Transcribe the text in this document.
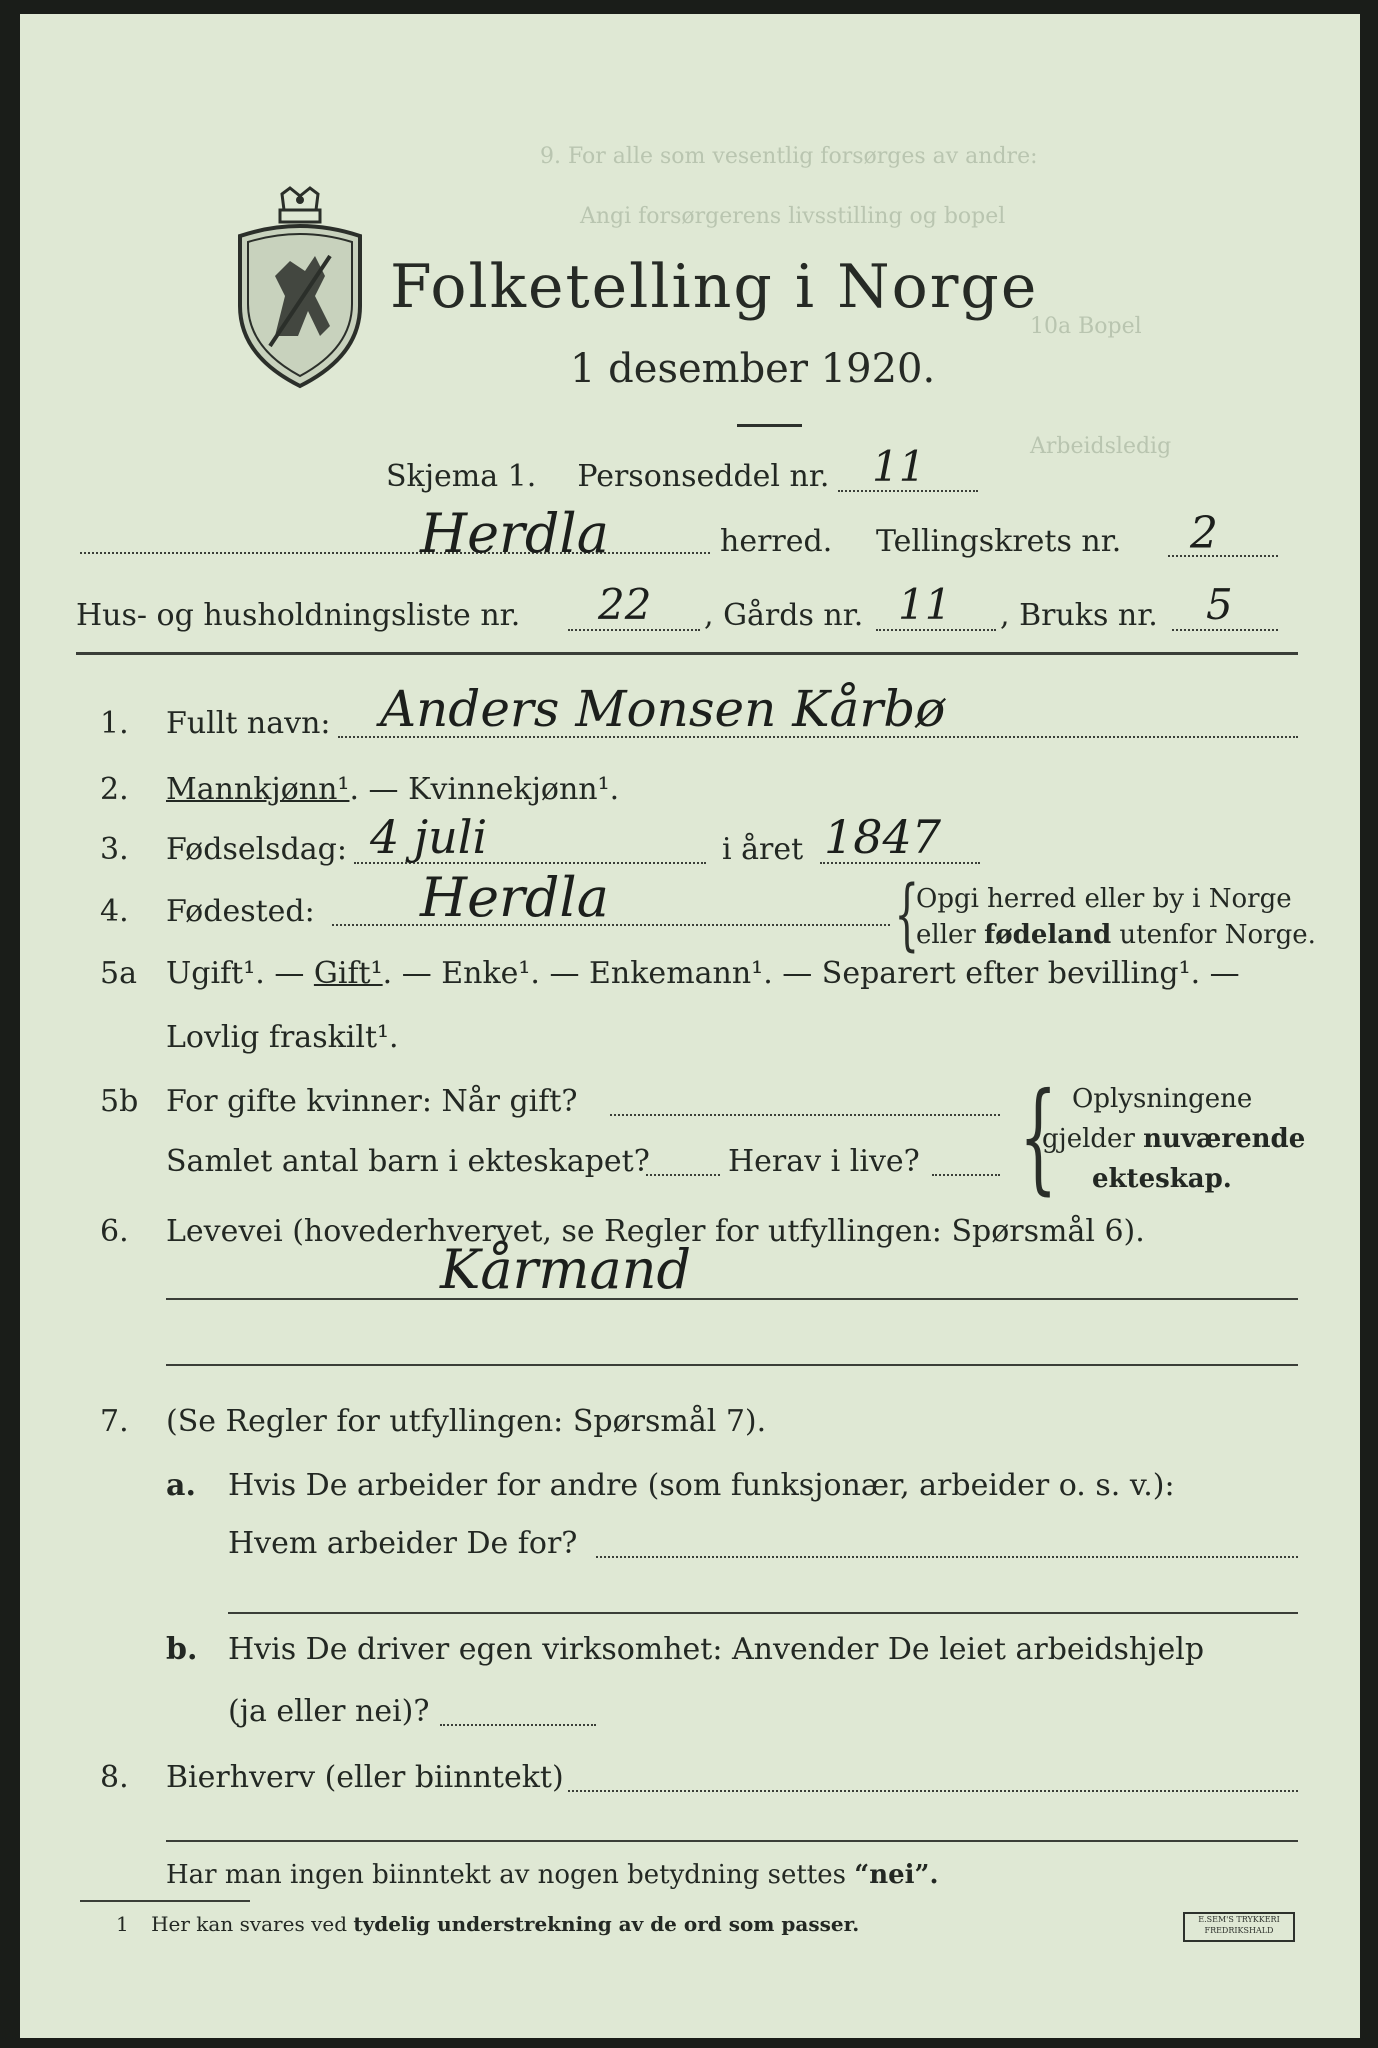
9. For alle som vesentlig forsørges av andre:
Angi forsørgerens livsstilling og bopel
10a Bopel
Arbeidsledig
Folketelling i Norge
1 desember 1920.
Skjema 1. Personseddel nr. 11
Herdla	herred. Tellingskrets nr. 2
Hus- og husholdningsliste nr. 22 , Gårds nr. 11 , Bruks nr. 5
1. Fullt navn: Anders Monsen Kårbø
2. Mannkjønn¹. — Kvinnekjønn¹.
3. Fødselsdag: 4 juli	i året 1847
4. Fødested: Herdla	{
Opgi herred eller by i Norge
eller fødeland utenfor Norge.
5a Ugift¹. — Gift¹. — Enke¹. — Enkemann¹. — Separert efter bevilling¹. —
Lovlig fraskilt¹.
5b For gifte kvinner: Når gift?
Samlet antal barn i ekteskapet?	Herav i live? { Oplysningene
gjelder nuværende
ekteskap.
6. Levevei (hovederhvervet, se Regler for utfyllingen: Spørsmål 6).
Kårmand
7. (Se Regler for utfyllingen: Spørsmål 7).
a. Hvis De arbeider for andre (som funksjonær, arbeider o. s. v.):
Hvem arbeider De for?
b. Hvis De driver egen virksomhet: Anvender De leiet arbeidshjelp
(ja eller nei)?
8. Bierhverv (eller biinntekt)
Har man ingen biinntekt av nogen betydning settes “nei”.
1 Her kan svares ved tydelig understrekning av de ord som passer.	E.SEM'S TRYKKERI
FREDRIKSHALD
